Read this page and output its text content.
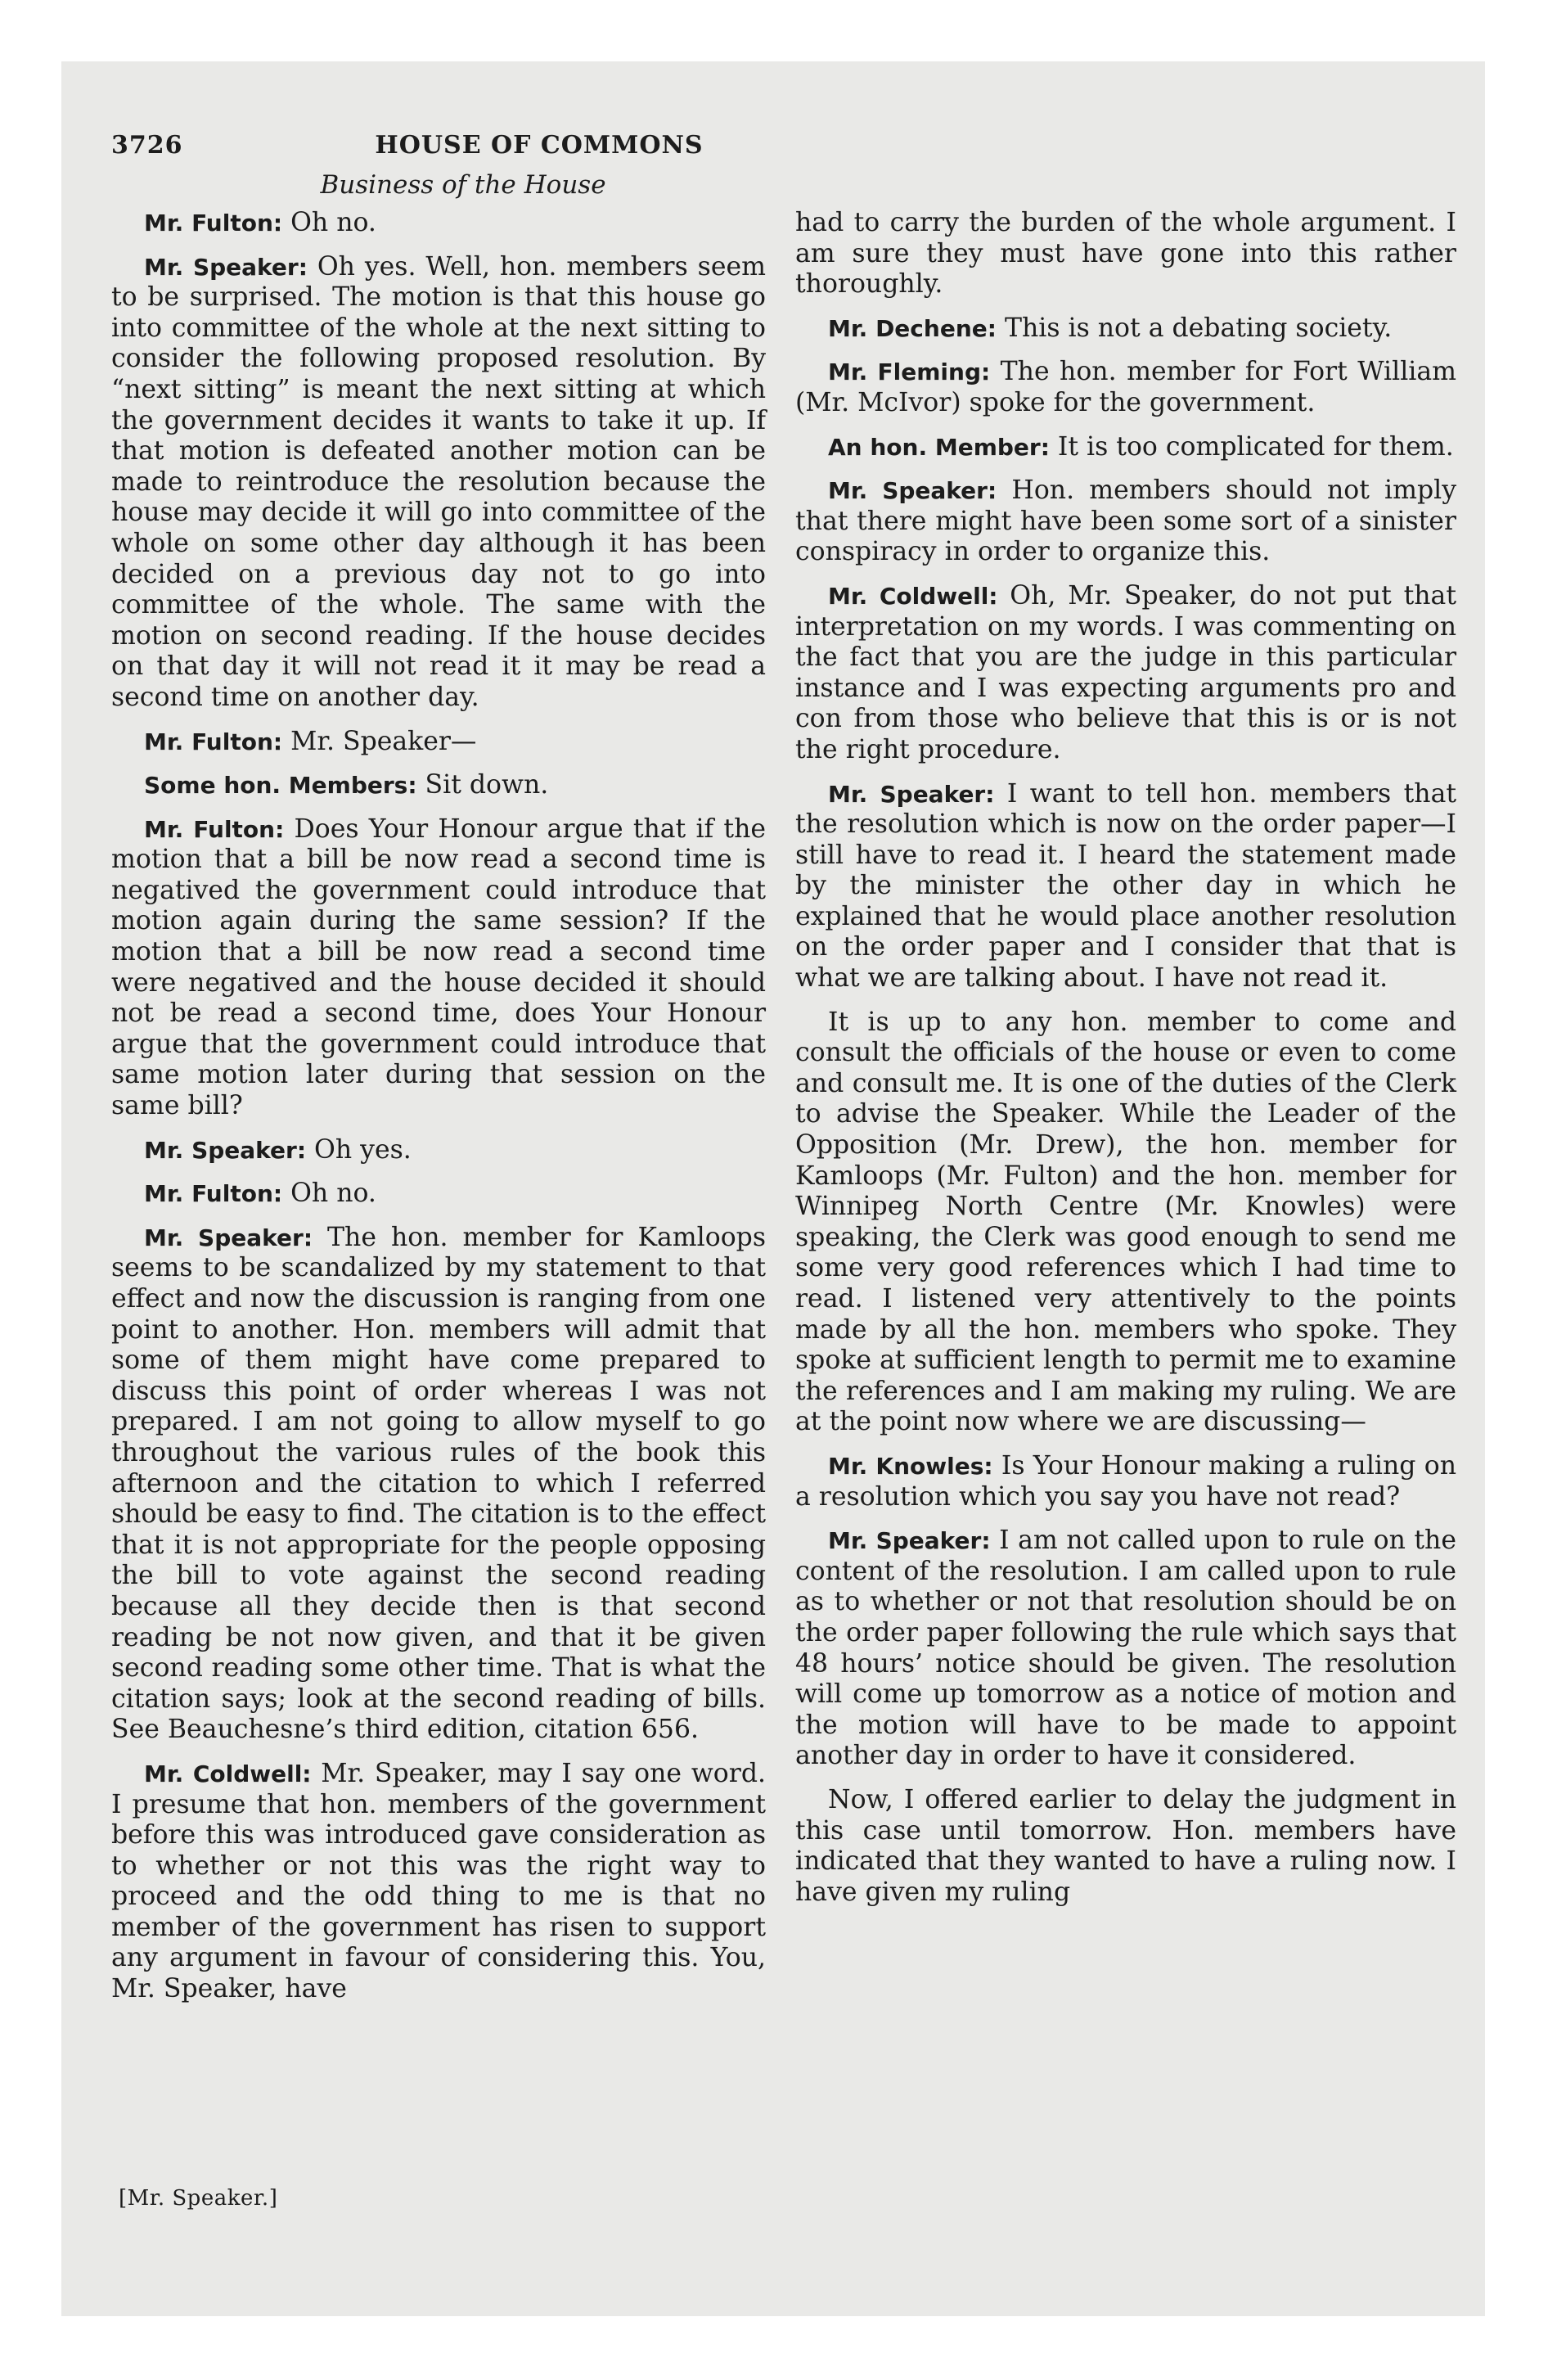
3726	HOUSE OF COMMONS
Business of the House

Mr. Fulton: Oh no.

Mr. Speaker: Oh yes. Well, hon. members seem to be surprised. The motion is that this house go into committee of the whole at the next sitting to consider the following proposed resolution. By “next sitting” is meant the next sitting at which the government decides it wants to take it up. If that motion is defeated another motion can be made to reintroduce the resolution because the house may decide it will go into committee of the whole on some other day although it has been decided on a previous day not to go into committee of the whole. The same with the motion on second reading. If the house decides on that day it will not read it it may be read a second time on another day.

Mr. Fulton: Mr. Speaker—

Some hon. Members: Sit down.

Mr. Fulton: Does Your Honour argue that if the motion that a bill be now read a second time is negatived the government could introduce that motion again during the same session? If the motion that a bill be now read a second time were negatived and the house decided it should not be read a second time, does Your Honour argue that the government could introduce that same motion later during that session on the same bill?

Mr. Speaker: Oh yes.

Mr. Fulton: Oh no.

Mr. Speaker: The hon. member for Kamloops seems to be scandalized by my statement to that effect and now the discussion is ranging from one point to another. Hon. members will admit that some of them might have come prepared to discuss this point of order whereas I was not prepared. I am not going to allow myself to go throughout the various rules of the book this afternoon and the citation to which I referred should be easy to find. The citation is to the effect that it is not appropriate for the people opposing the bill to vote against the second reading because all they decide then is that second reading be not now given, and that it be given second reading some other time. That is what the citation says; look at the second reading of bills. See Beauchesne’s third edition, citation 656.

Mr. Coldwell: Mr. Speaker, may I say one word. I presume that hon. members of the government before this was introduced gave consideration as to whether or not this was the right way to proceed and the odd thing to me is that no member of the government has risen to support any argument in favour of considering this. You, Mr. Speaker, have

had to carry the burden of the whole argument. I am sure they must have gone into this rather thoroughly.

Mr. Dechene: This is not a debating society.

Mr. Fleming: The hon. member for Fort William (Mr. McIvor) spoke for the government.

An hon. Member: It is too complicated for them.

Mr. Speaker: Hon. members should not imply that there might have been some sort of a sinister conspiracy in order to organize this.

Mr. Coldwell: Oh, Mr. Speaker, do not put that interpretation on my words. I was commenting on the fact that you are the judge in this particular instance and I was expecting arguments pro and con from those who believe that this is or is not the right procedure.

Mr. Speaker: I want to tell hon. members that the resolution which is now on the order paper—I still have to read it. I heard the statement made by the minister the other day in which he explained that he would place another resolution on the order paper and I consider that that is what we are talking about. I have not read it.

It is up to any hon. member to come and consult the officials of the house or even to come and consult me. It is one of the duties of the Clerk to advise the Speaker. While the Leader of the Opposition (Mr. Drew), the hon. member for Kamloops (Mr. Fulton) and the hon. member for Winnipeg North Centre (Mr. Knowles) were speaking, the Clerk was good enough to send me some very good references which I had time to read. I listened very attentively to the points made by all the hon. members who spoke. They spoke at sufficient length to permit me to examine the references and I am making my ruling. We are at the point now where we are discussing—

Mr. Knowles: Is Your Honour making a ruling on a resolution which you say you have not read?

Mr. Speaker: I am not called upon to rule on the content of the resolution. I am called upon to rule as to whether or not that resolution should be on the order paper following the rule which says that 48 hours’ notice should be given. The resolution will come up tomorrow as a notice of motion and the motion will have to be made to appoint another day in order to have it considered.

Now, I offered earlier to delay the judgment in this case until tomorrow. Hon. members have indicated that they wanted to have a ruling now. I have given my ruling

[Mr. Speaker.]
